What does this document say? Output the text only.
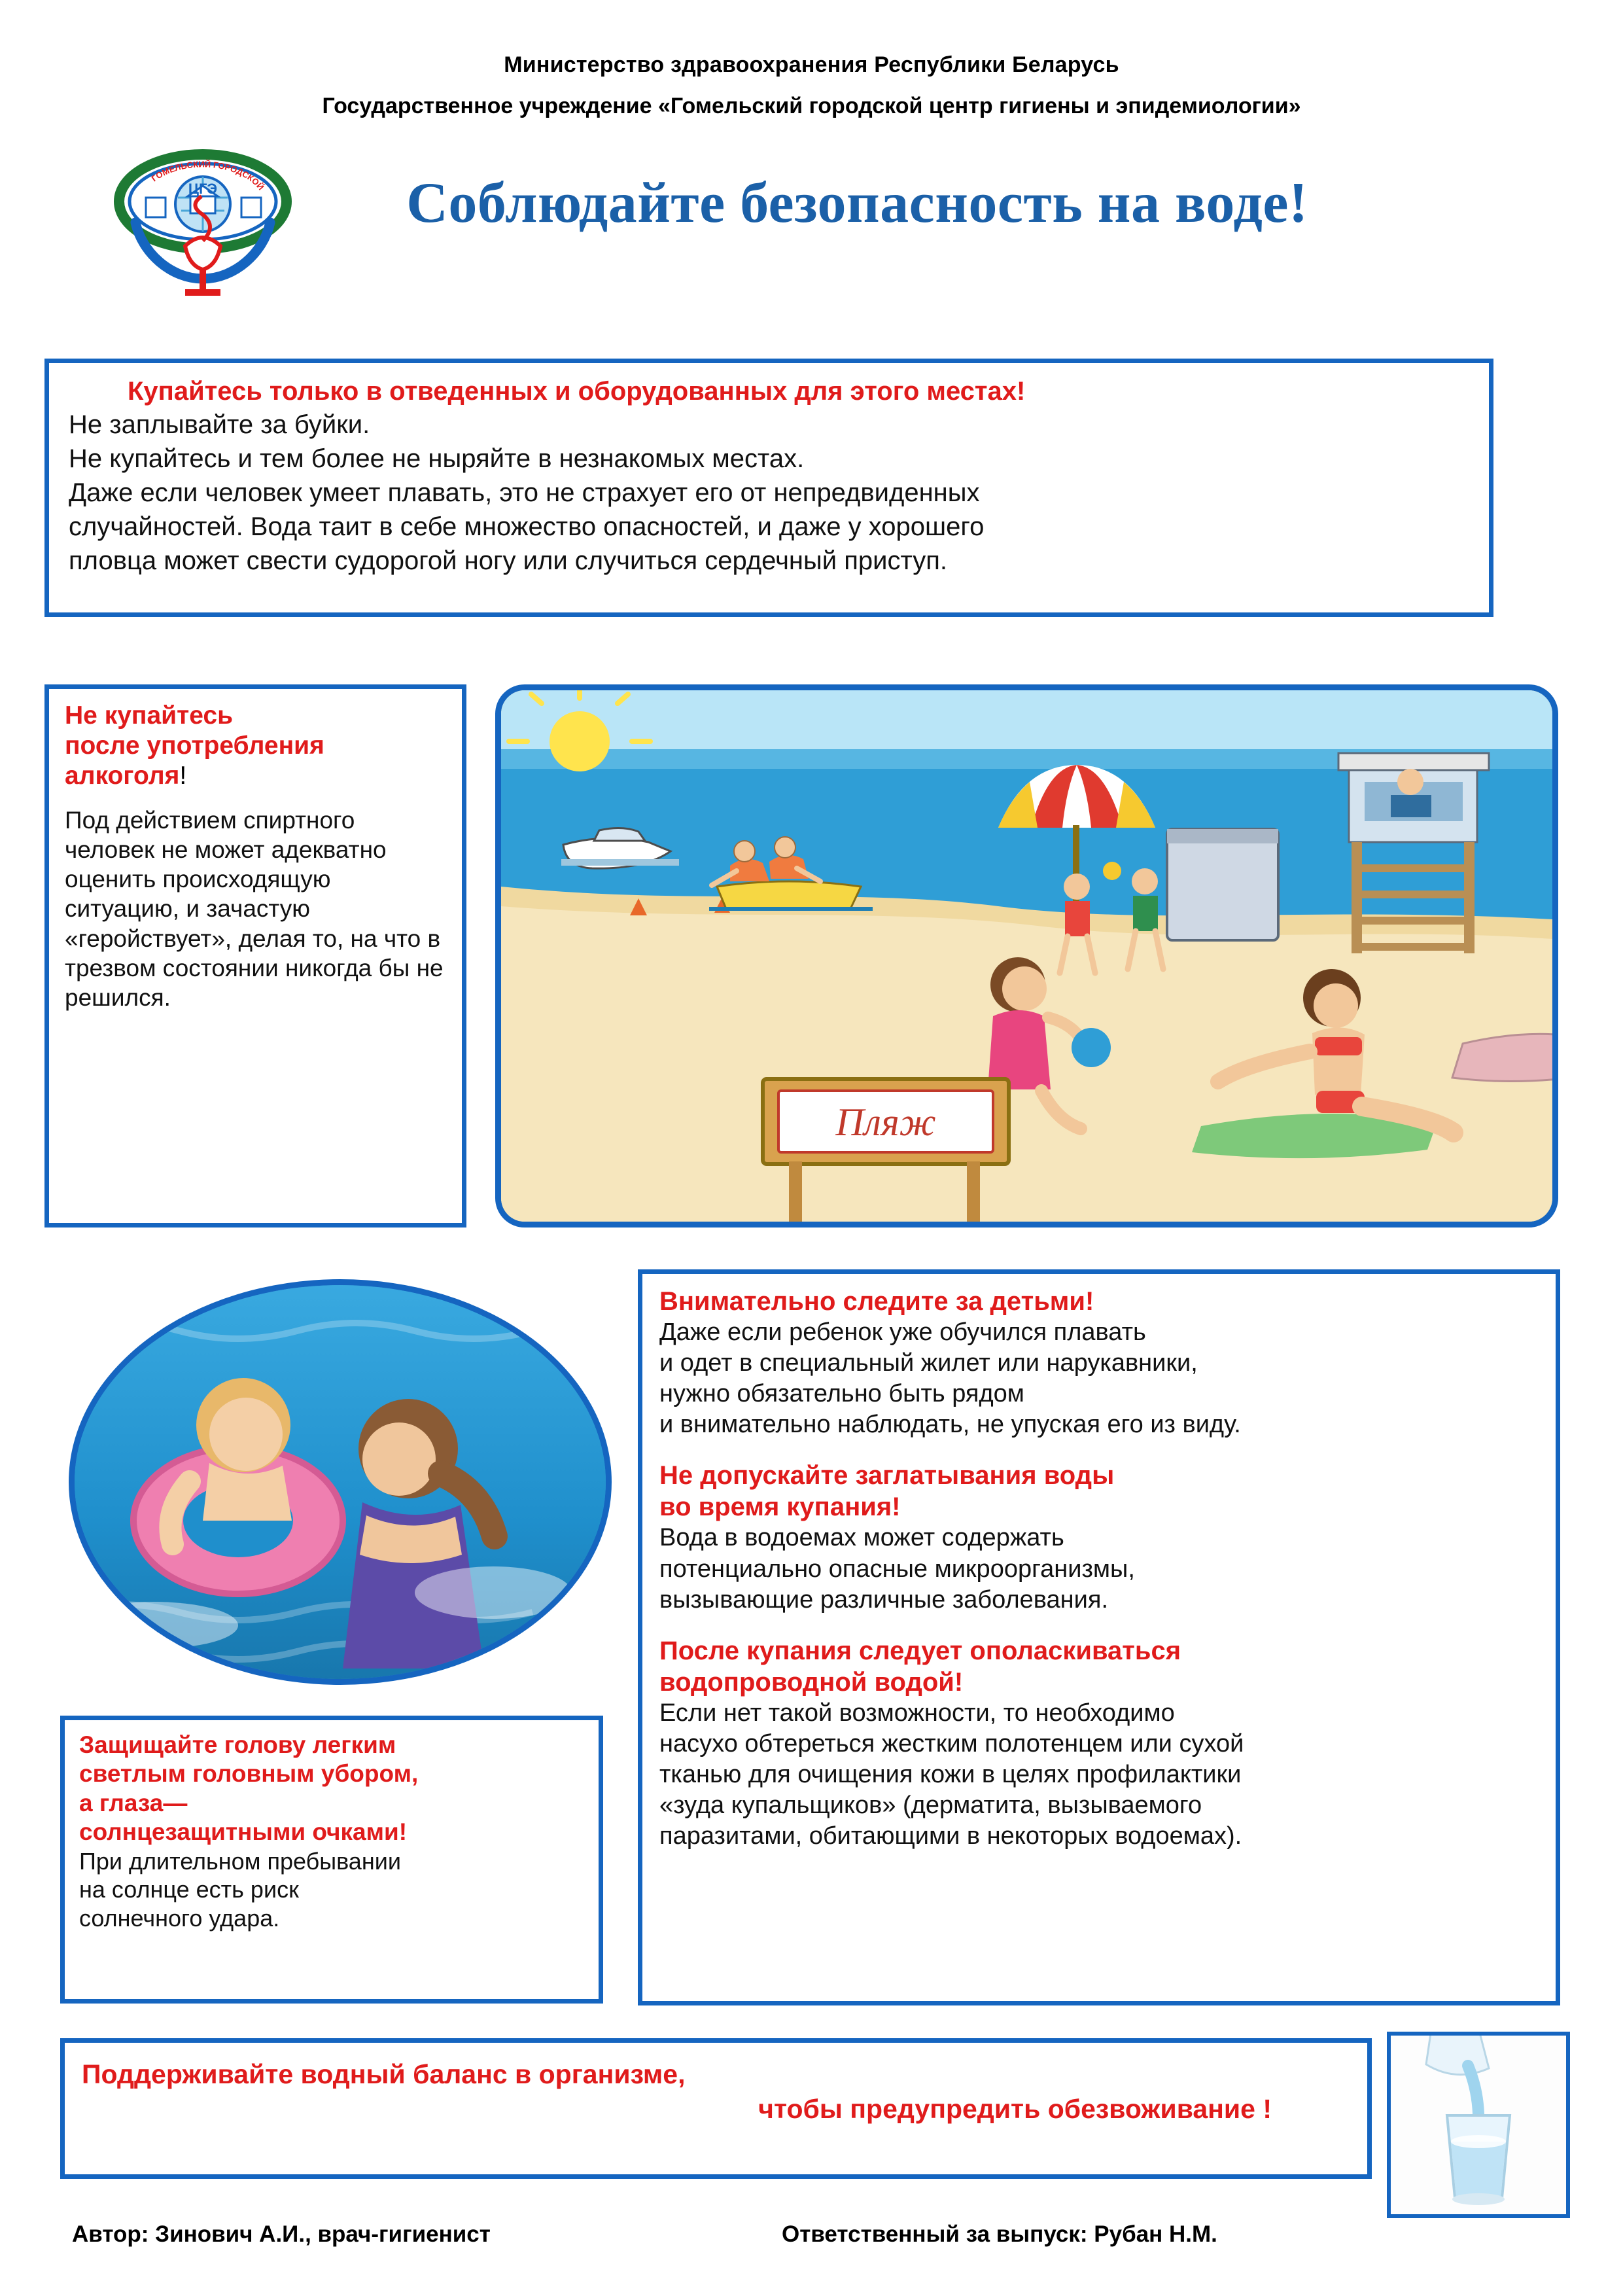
Министерство здравоохранения Республики Беларусь
Государственное учреждение «Гомельский городской центр гигиены и эпидемиологии»
Соблюдайте безопасность на воде!
ГОМЕЛЬСКИЙ ГОРОДСКОЙ
ЦГЭ
Купайтесь только в отведенных и оборудованных для этого местах!
Не заплывайте за буйки.
Не купайтесь и тем более не ныряйте в незнакомых местах.
Даже если человек умеет плавать, это не страхует его от непредвиденных
случайностей. Вода таит в себе множество опасностей, и даже у хорошего
пловца может свести судорогой ногу или случиться сердечный приступ.
Не купайтесь
после употребления
алкоголя!
Под действием спиртного человек не может адекватно оценить происходящую ситуацию, и зачастую «геройствует», делая то, на что в трезвом состоянии никогда бы не решился.
Пляж
Внимательно следите за детьми!
Даже если ребенок уже обучился плавать
и одет в специальный жилет или нарукавники,
нужно обязательно быть рядом
и внимательно наблюдать, не упуская его из виду.
Не допускайте заглатывания воды
во время купания!
Вода в водоемах может содержать
потенциально опасные микроорганизмы,
вызывающие различные заболевания.
После купания следует ополаскиваться
водопроводной водой!
Если нет такой возможности, то необходимо
насухо обтереться жестким полотенцем или сухой
тканью для очищения кожи в целях профилактики
«зуда купальщиков» (дерматита, вызываемого
паразитами, обитающими в некоторых водоемах).
Защищайте голову легким
светлым головным убором,
а глаза—
солнцезащитными очками!
При длительном пребывании
на солнце есть риск
солнечного удара.
Поддерживайте водный баланс в организме,
чтобы предупредить обезвоживание !
Автор: Зинович А.И., врач-гигиенист	Ответственный за выпуск: Рубан Н.М.
